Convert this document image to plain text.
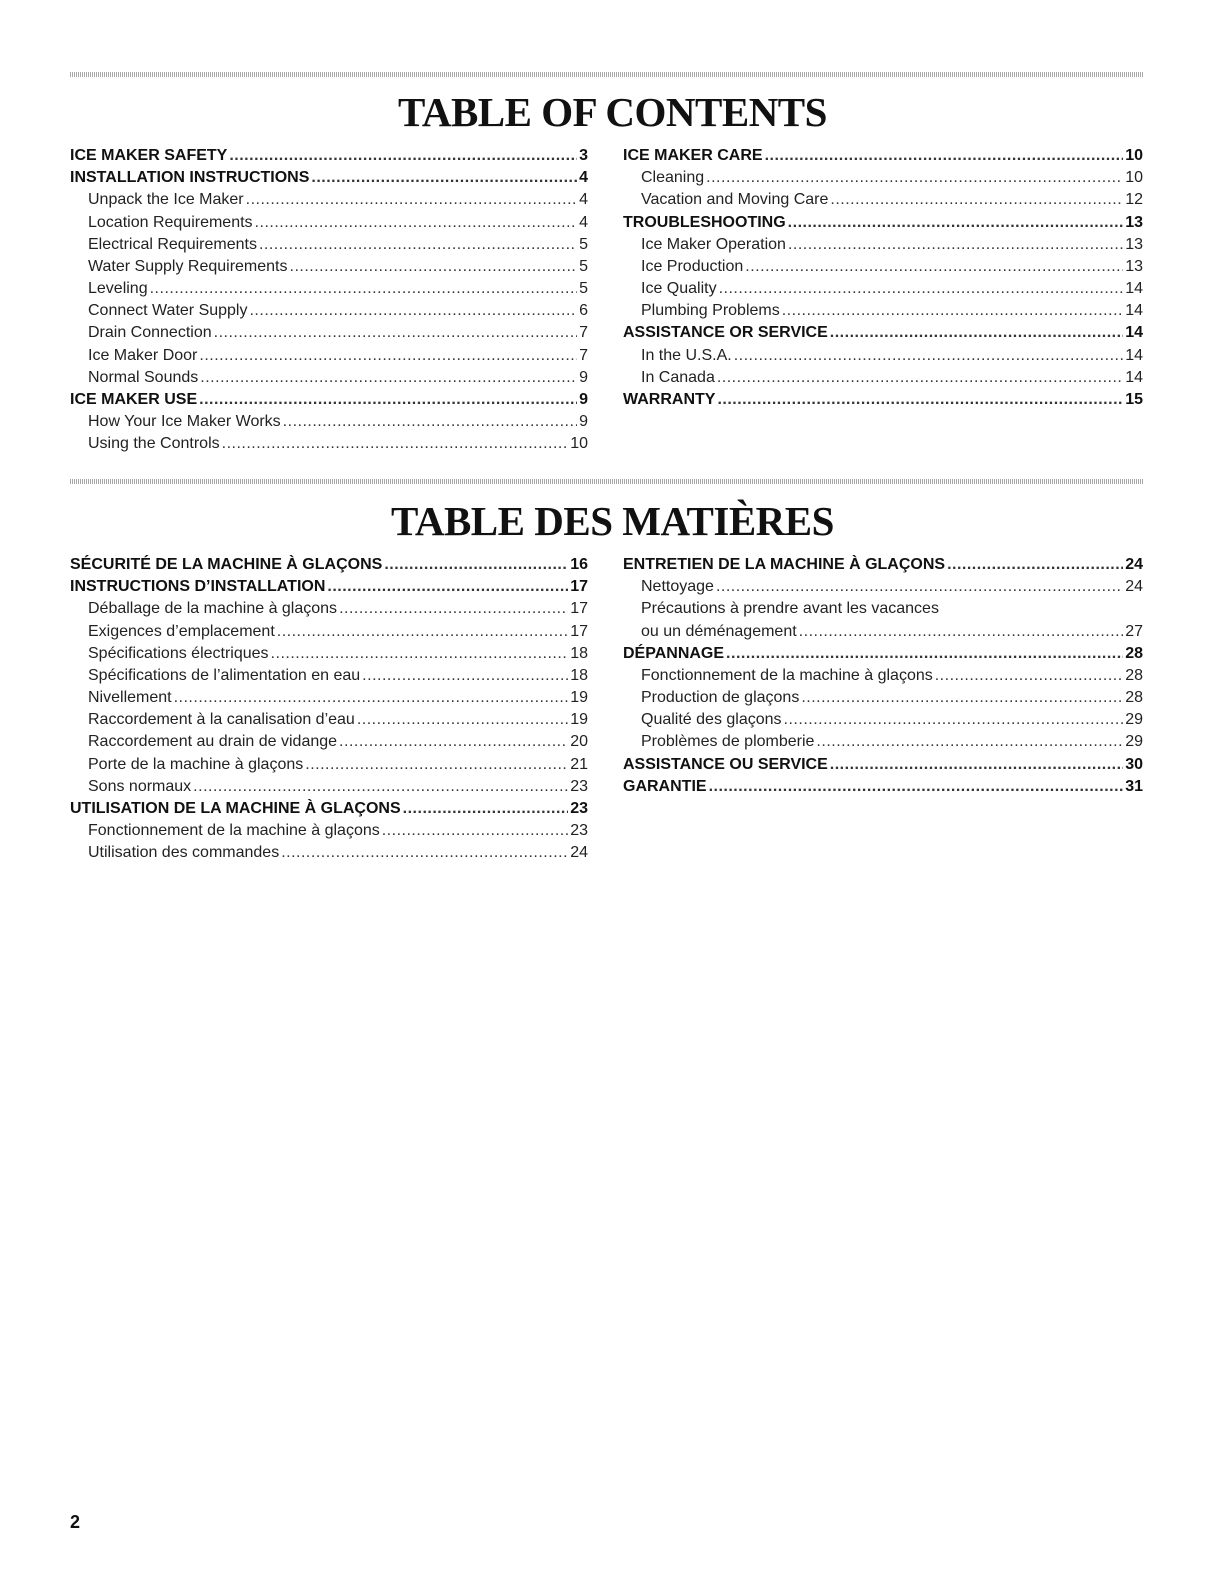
TABLE OF CONTENTS
ICE MAKER SAFETY .....	3
INSTALLATION INSTRUCTIONS .....	4
Unpack the Ice Maker .....	4
Location Requirements .....	4
Electrical Requirements .....	5
Water Supply Requirements .....	5
Leveling .....	5
Connect Water Supply .....	6
Drain Connection .....	7
Ice Maker Door .....	7
Normal Sounds .....	9
ICE MAKER USE .....	9
How Your Ice Maker Works .....	9
Using the Controls .....	10
ICE MAKER CARE .....	10
Cleaning .....	10
Vacation and Moving Care .....	12
TROUBLESHOOTING .....	13
Ice Maker Operation .....	13
Ice Production .....	13
Ice Quality .....	14
Plumbing Problems .....	14
ASSISTANCE OR SERVICE .....	14
In the U.S.A. .....	14
In Canada .....	14
WARRANTY .....	15
TABLE DES MATIÈRES
SÉCURITÉ DE LA MACHINE À GLAÇONS .....	16
INSTRUCTIONS D’INSTALLATION .....	17
Déballage de la machine à glaçons .....	17
Exigences d’emplacement .....	17
Spécifications électriques .....	18
Spécifications de l’alimentation en eau .....	18
Nivellement .....	19
Raccordement à la canalisation d’eau .....	19
Raccordement au drain de vidange .....	20
Porte de la machine à glaçons .....	21
Sons normaux .....	23
UTILISATION DE LA MACHINE À GLAÇONS .....	23
Fonctionnement de la machine à glaçons .....	23
Utilisation des commandes .....	24
ENTRETIEN DE LA MACHINE À GLAÇONS .....	24
Nettoyage .....	24
Précautions à prendre avant les vacances
ou un déménagement .....	27
DÉPANNAGE .....	28
Fonctionnement de la machine à glaçons .....	28
Production de glaçons .....	28
Qualité des glaçons .....	29
Problèmes de plomberie .....	29
ASSISTANCE OU SERVICE .....	30
GARANTIE .....	31
2
